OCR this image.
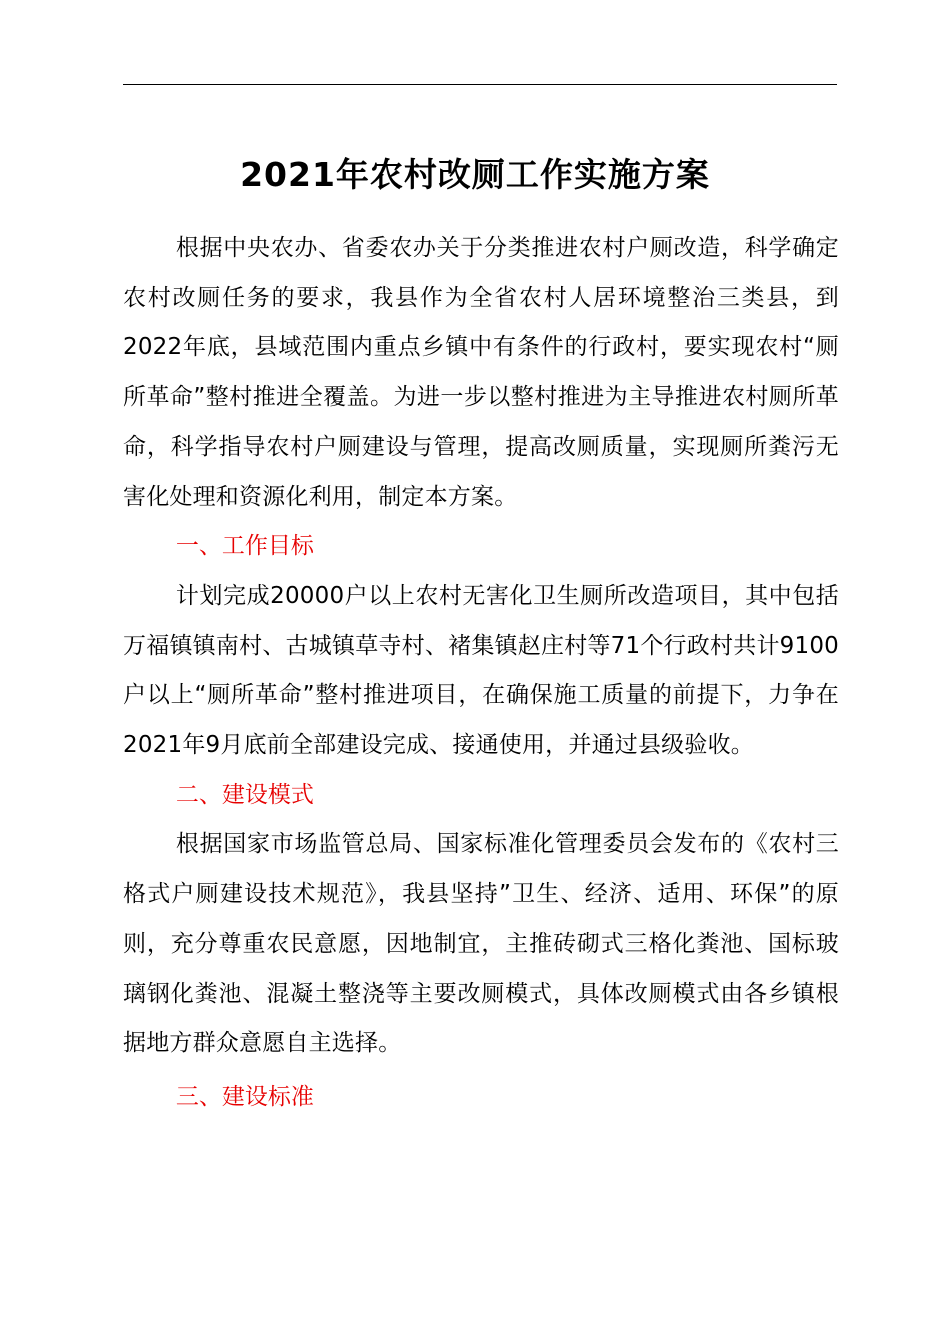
2021年农村改厕工作实施方案

根据中央农办、省委农办关于分类推进农村户厕改造，科学确定农村改厕任务的要求，我县作为全省农村人居环境整治三类县，到2022年底，县域范围内重点乡镇中有条件的行政村，要实现农村“厕所革命”整村推进全覆盖。为进一步以整村推进为主导推进农村厕所革命，科学指导农村户厕建设与管理，提高改厕质量，实现厕所粪污无害化处理和资源化利用，制定本方案。

一、工作目标

计划完成20000户以上农村无害化卫生厕所改造项目，其中包括万福镇镇南村、古城镇草寺村、褚集镇赵庄村等71个行政村共计9100户以上“厕所革命”整村推进项目，在确保施工质量的前提下，力争在2021年9月底前全部建设完成、接通使用，并通过县级验收。

二、建设模式

根据国家市场监管总局、国家标准化管理委员会发布的《农村三格式户厕建设技术规范》，我县坚持”卫生、经济、适用、环保”的原则，充分尊重农民意愿，因地制宜，主推砖砌式三格化粪池、国标玻璃钢化粪池、混凝土整浇等主要改厕模式，具体改厕模式由各乡镇根据地方群众意愿自主选择。

三、建设标准
